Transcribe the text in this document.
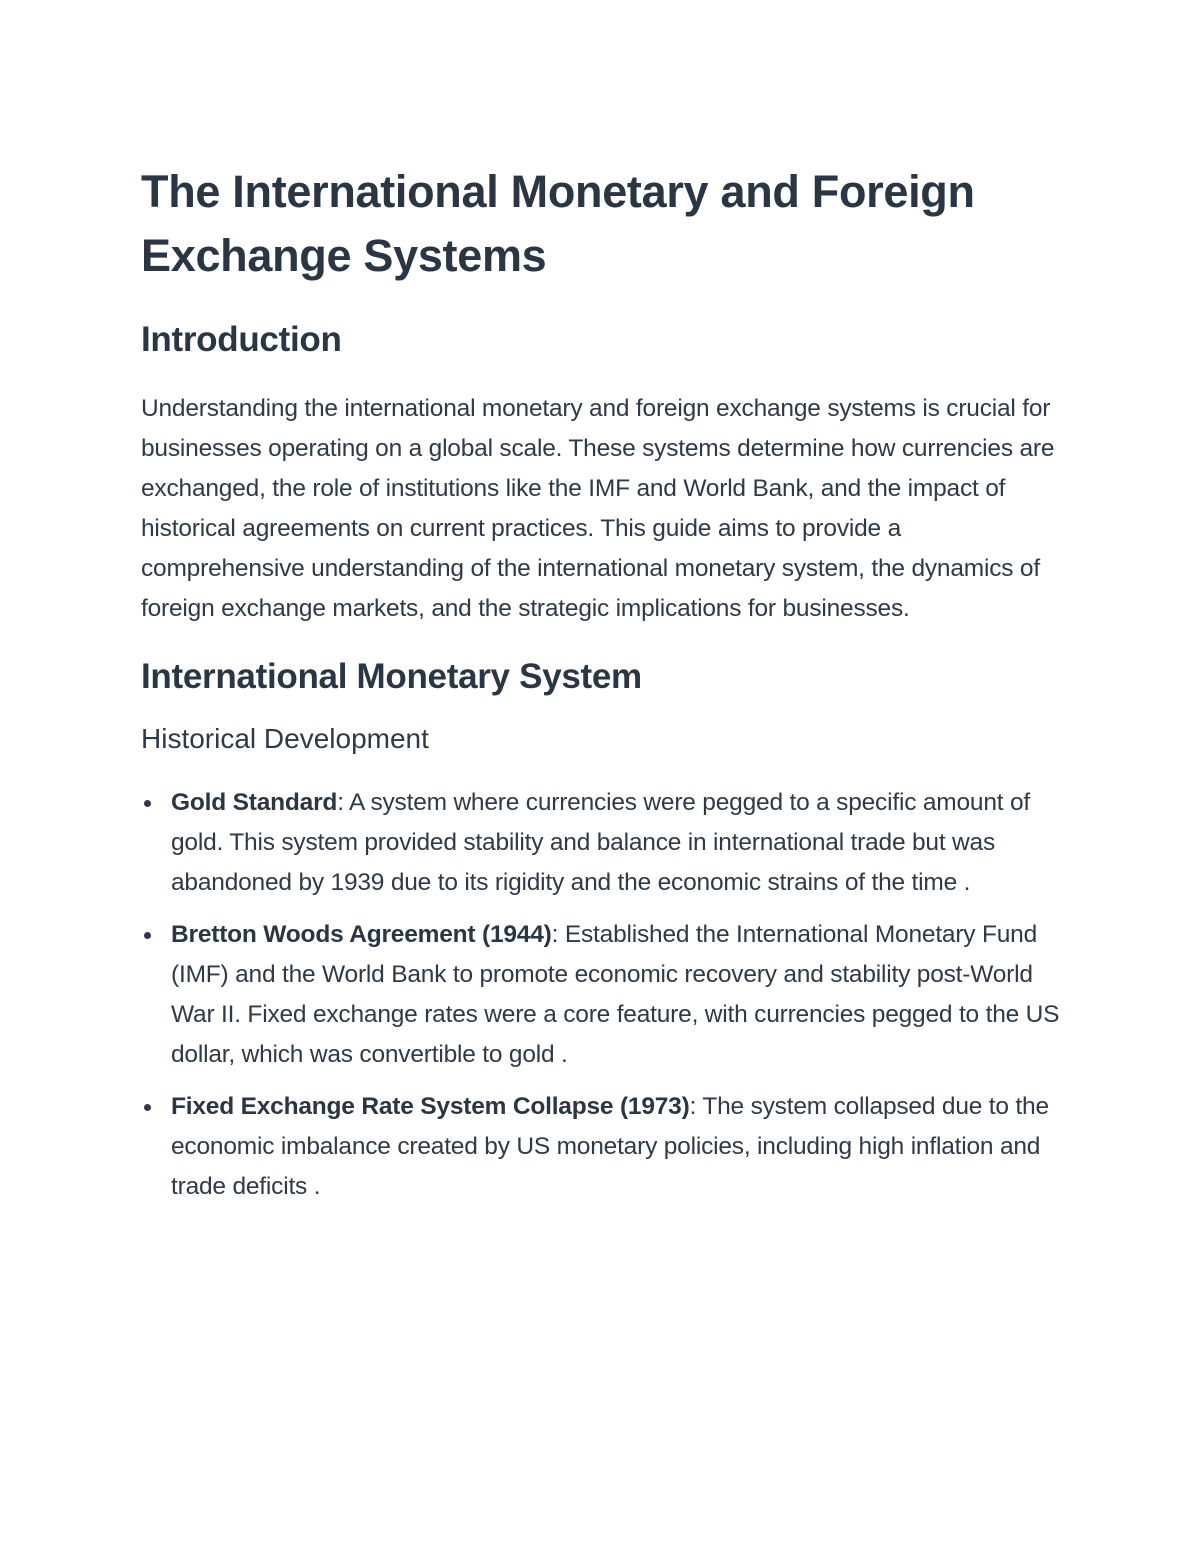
The International Monetary and Foreign Exchange Systems
Introduction

Understanding the international monetary and foreign exchange systems is crucial for businesses operating on a global scale. These systems determine how currencies are exchanged, the role of institutions like the IMF and World Bank, and the impact of historical agreements on current practices. This guide aims to provide a comprehensive understanding of the international monetary system, the dynamics of foreign exchange markets, and the strategic implications for businesses.

International Monetary System
Historical Development
Gold Standard: A system where currencies were pegged to a specific amount of gold. This system provided stability and balance in international trade but was abandoned by 1939 due to its rigidity and the economic strains of the time .
Bretton Woods Agreement (1944): Established the International Monetary Fund (IMF) and the World Bank to promote economic recovery and stability post-World War II. Fixed exchange rates were a core feature, with currencies pegged to the US dollar, which was convertible to gold .
Fixed Exchange Rate System Collapse (1973): The system collapsed due to the economic imbalance created by US monetary policies, including high inflation and trade deficits .
